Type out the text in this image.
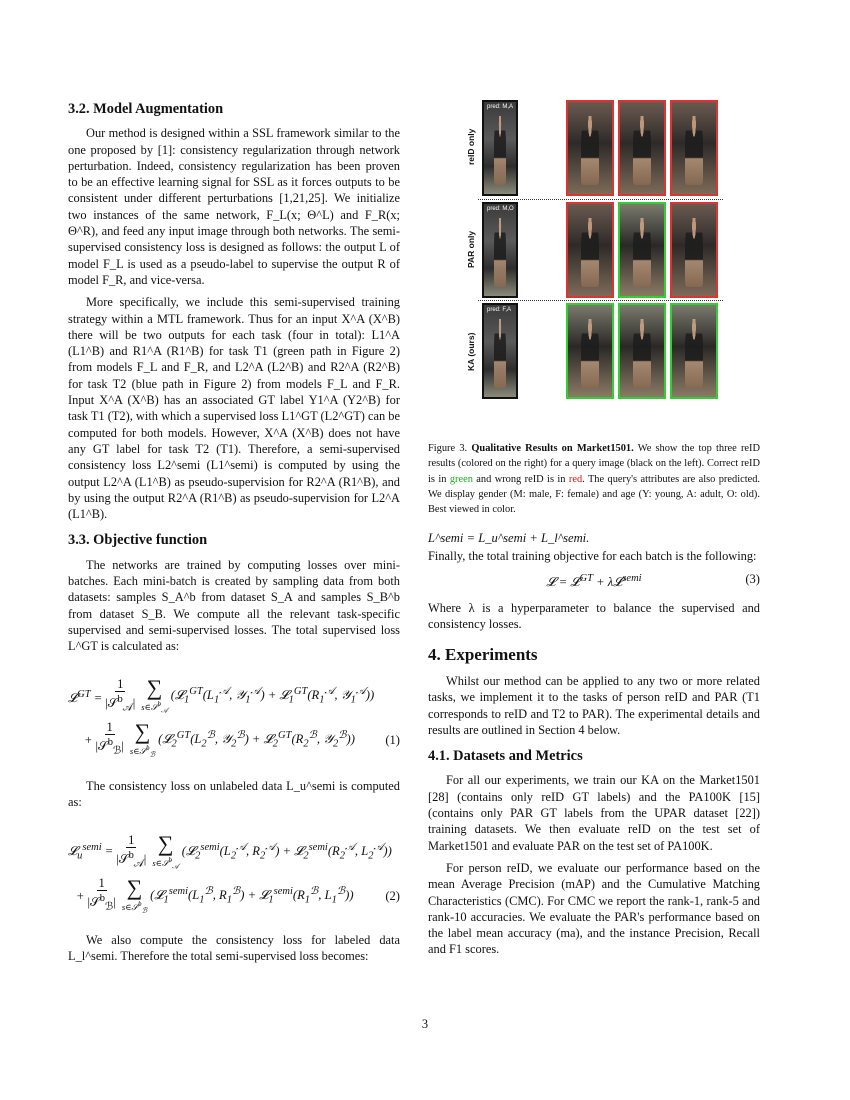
3.2. Model Augmentation

Our method is designed within a SSL framework similar to the one proposed by [1]: consistency regularization through network perturbation. Indeed, consistency regularization has been proven to be an effective learning signal for SSL as it forces outputs to be consistent under different perturbations [1,21,25]. We initialize two instances of the same network, F_L(x; Θ^L) and F_R(x; Θ^R), and feed any input image through both networks. The semi-supervised consistency loss is designed as follows: the output L of model F_L is used as a pseudo-label to supervise the output R of model F_R, and vice-versa.

More specifically, we include this semi-supervised training strategy within a MTL framework. Thus for an input X^A (X^B) there will be two outputs for each task (four in total): L1^A (L1^B) and R1^A (R1^B) for task T1 (green path in Figure 2) from models F_L and F_R, and L2^A (L2^B) and R2^A (R2^B) for task T2 (blue path in Figure 2) from models F_L and F_R. Input X^A (X^B) has an associated GT label Y1^A (Y2^B) for task T1 (T2), with which a supervised loss L1^GT (L2^GT) can be computed for both models. However, X^A (X^B) does not have any GT label for task T2 (T1). Therefore, a semi-supervised consistency loss L2^semi (L1^semi) is computed by using the output L2^A (L1^B) as pseudo-supervision for R2^A (R1^B), and by using the output R2^A (R1^B) as pseudo-supervision for L2^A (L1^B).

3.3. Objective function

The networks are trained by computing losses over mini-batches. Each mini-batch is created by sampling data from both datasets: samples S_A^b from dataset S_A and samples S_B^b from dataset S_B. We compute all the relevant task-specific supervised and semi-supervised losses. The total supervised loss L^GT is calculated as:

𝓛$^{GT}$ = $\frac{1}{|𝒮^b_𝒜|}$ ∑
s∈𝒮$^b_𝒜$
($𝓛_1^{GT}(L_1^𝒜$, 𝒴$_1^𝒜$) + $𝓛_1^{GT}(R_1^𝒜$, 𝒴$_1^𝒜$))
+ $\frac{1}{|𝒮^b_ℬ|}$ ∑
s∈𝒮$^b_ℬ$
($𝓛_2^{GT}(L_2^ℬ$, 𝒴$_2^ℬ$) + $𝓛_2^{GT}(R_2^ℬ$, 𝒴$_2^ℬ$)) (1)

The consistency loss on unlabeled data L_u^semi is computed as:

𝓛$_u^{semi}$ = $\frac{1}{|𝒮^b_𝒜|}$ ∑
s∈𝒮$^b_𝒜$
($𝓛_2^{semi}(L_2^𝒜$, $R_2^𝒜$) + $𝓛_2^{semi}(R_2^𝒜$, $L_2^𝒜$))
+ $\frac{1}{|𝒮^b_ℬ|}$ ∑
s∈𝒮$^b_ℬ$
($𝓛_1^{semi}(L_1^ℬ$, $R_1^ℬ$) + $𝓛_1^{semi}(R_1^ℬ$, $L_1^ℬ$))	(2)

We also compute the consistency loss for labeled data L_l^semi. Therefore the total semi-supervised loss becomes:

reID only
pred: M,A
PAR only
pred: M,O
KA (ours)
pred: F,A
Figure 3. Qualitative Results on Market1501. We show the top three reID results (colored on the right) for a query image (black on the left). Correct reID is in green and wrong reID is in red. The query's attributes are also predicted. We display gender (M: male, F: female) and age (Y: young, A: adult, O: old). Best viewed in color.
L^semi = L_u^semi + L_l^semi.

Finally, the total training objective for each batch is the following:

𝓛 = 𝓛$^{GT}$ + λ𝓛$^{semi}$	(3)

Where λ is a hyperparameter to balance the supervised and consistency losses.

4. Experiments

Whilst our method can be applied to any two or more related tasks, we implement it to the tasks of person reID and PAR (T1 corresponds to reID and T2 to PAR). The experimental details and results are outlined in Section 4 below.

4.1. Datasets and Metrics

For all our experiments, we train our KA on the Market1501 [28] (contains only reID GT labels) and the PA100K [15] (contains only PAR GT labels from the UPAR dataset [22]) training datasets. We then evaluate reID on the test set of Market1501 and evaluate PAR on the test set of PA100K.

For person reID, we evaluate our performance based on the mean Average Precision (mAP) and the Cumulative Matching Characteristics (CMC). For CMC we report the rank-1, rank-5 and rank-10 accuracies. We evaluate the PAR's performance based on the label mean accuracy (ma), and the instance Precision, Recall and F1 scores.

3
